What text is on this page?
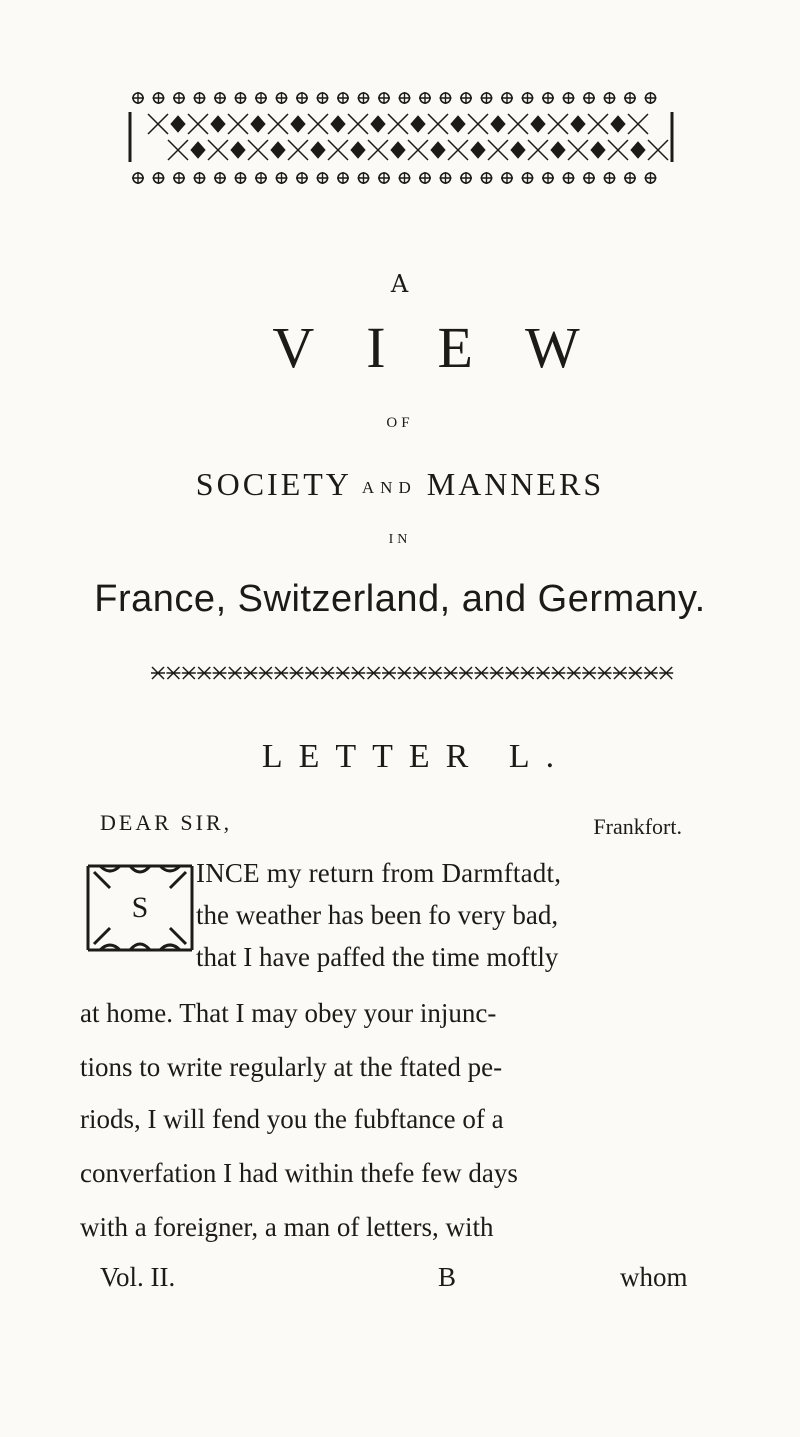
A
VIEW
OF
SOCIETY AND MANNERS
IN
France, Switzerland, and Germany.
LETTER L.
DEAR SIR,	Frankfort.
S
INCE my return from Darmftadt,
the weather has been fo very bad,
that I have paffed the time moftly
at home. That I may obey your injunc-
tions to write regularly at the ftated pe-
riods, I will fend you the fubftance of a
converfation I had within thefe few days
with a foreigner, a man of letters, with
Vol. II.	B	whom
